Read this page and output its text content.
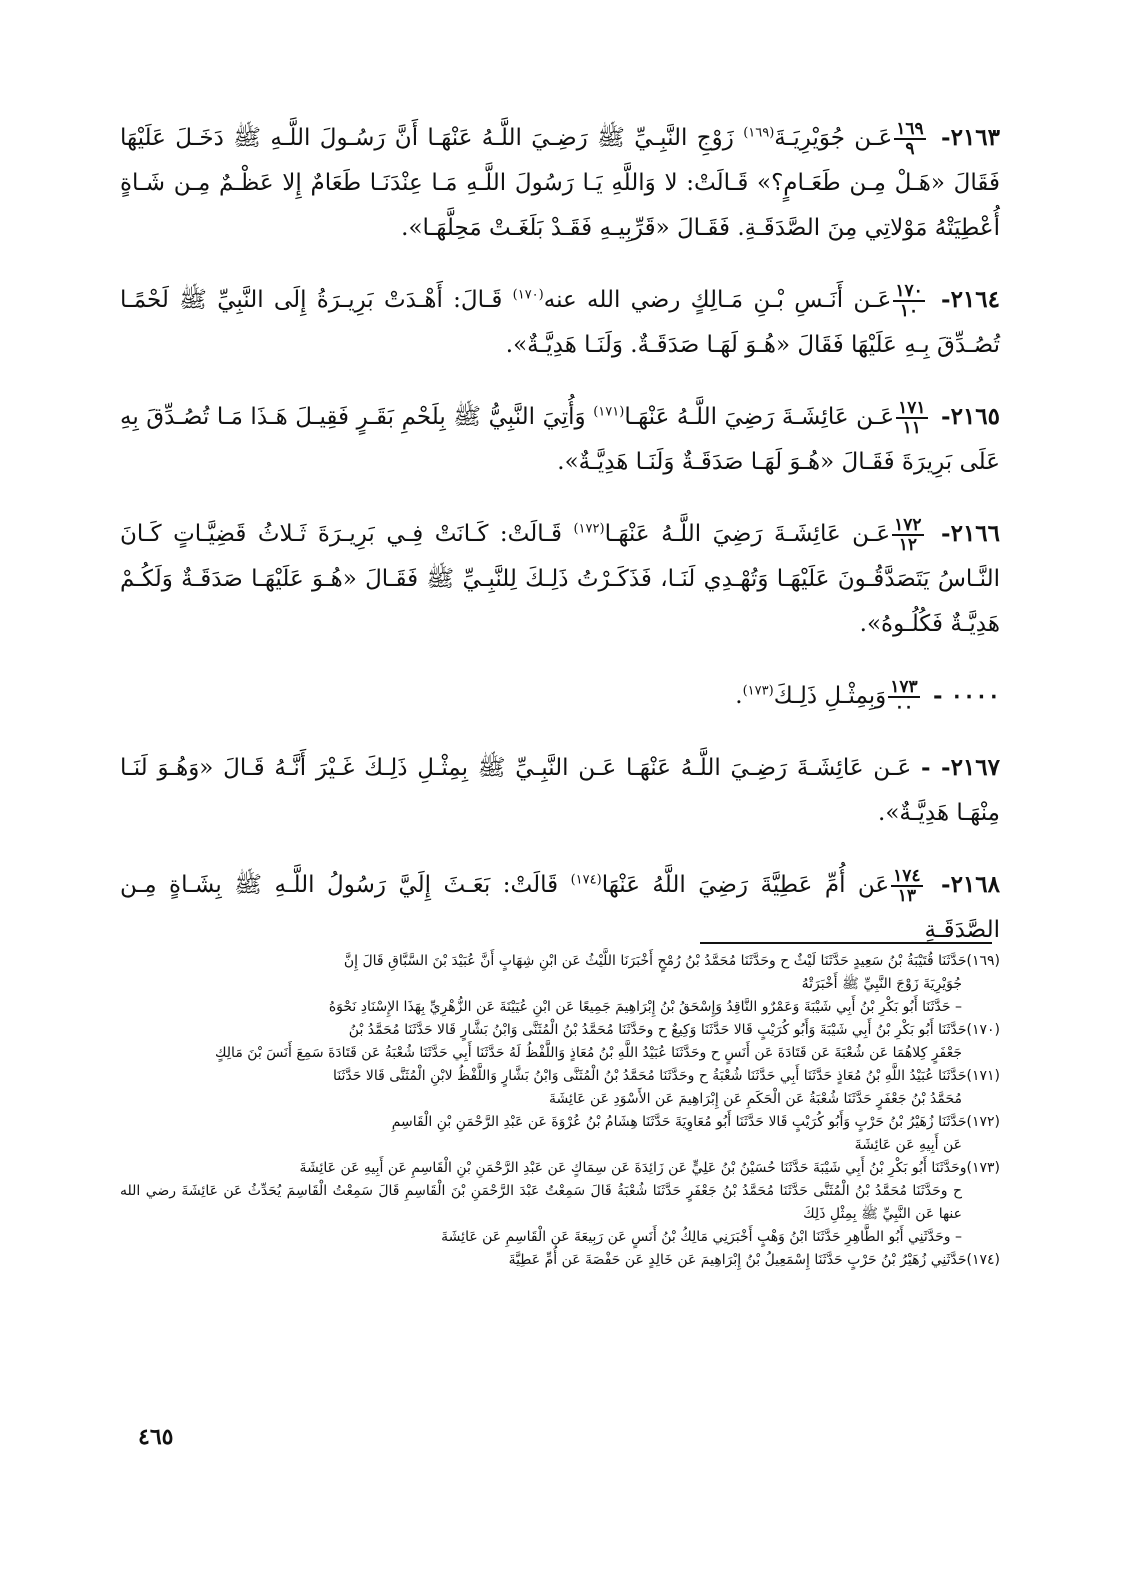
٢١٦٣-
$\frac{١٦٩}{٩}$
عَـن جُوَيْرِيَـةَ$^{(١٦٩)}$ زَوْجِ النَّبِـيِّ ﷺ رَضِـيَ اللَّـهُ عَنْهَـا أَنَّ رَسُـولَ اللَّـهِ ﷺ دَخَـلَ عَلَيْهَا فَقَالَ «هَـلْ مِـن طَعَـامٍ؟» قَـالَتْ: لا وَاللَّهِ يَـا رَسُولَ اللَّـهِ مَـا عِنْدَنَـا طَعَامٌ إِلا عَظْـمٌ مِـن شَـاةٍ أُعْطِيَتْهُ مَوْلاتِي مِنَ الصَّدَقَـةِ. فَقَـالَ «قَرِّبِيـهِ فَقَـدْ بَلَغَـتْ مَحِلَّهَـا».

٢١٦٤-
$\frac{١٧٠}{١٠}$
عَـن أَنَـسِ بْـنِ مَـالِكٍ رضي الله عنه$^{(١٧٠)}$ قَـالَ: أَهْـدَتْ بَرِيـرَةُ إِلَى النَّبِيِّ ﷺ لَحْمًـا تُصُـدِّقَ بِـهِ عَلَيْهَا فَقَالَ «هُـوَ لَهَـا صَدَقَـةٌ. وَلَنَـا هَدِيَّـةٌ».

٢١٦٥-
$\frac{١٧١}{١١}$
عَـن عَائِشَـةَ رَضِيَ اللَّـهُ عَنْهَـا$^{(١٧١)}$ وَأُتِيَ النَّبِيُّ ﷺ بِلَحْمِ بَقَـرٍ فَقِيـلَ هَـذَا مَـا تُصُـدِّقَ بِهِ عَلَى بَرِيرَةَ فَقَـالَ «هُـوَ لَهَـا صَدَقَـةٌ وَلَنَـا هَدِيَّـةٌ».

٢١٦٦-
$\frac{١٧٢}{١٢}$
عَـن عَائِشَـةَ رَضِيَ اللَّـهُ عَنْهَـا$^{(١٧٢)}$ قَـالَتْ: كَـانَتْ فِـي بَرِيـرَةَ ثَـلاثُ قَضِيَّـاتٍ كَـانَ النَّـاسُ يَتَصَدَّقُـونَ عَلَيْهَـا وَتُهْـدِي لَنَـا، فَذَكَـرْتُ ذَلِـكَ لِلنَّبِـيِّ ﷺ فَقَـالَ «هُـوَ عَلَيْهَـا صَدَقَـةٌ وَلَكُـمْ هَدِيَّـةٌ فَكُلُـوهُ».

٠٠٠٠ -
$\frac{١٧٣}{٠٠}$
وَبِمِثْـلِ ذَلِـكَ$^{(١٧٣)}$.

٢١٦٧- - عَـن عَائِشَـةَ رَضِـيَ اللَّـهُ عَنْهَـا عَـن النَّبِـيِّ ﷺ بِمِثْـلِ ذَلِـكَ غَـيْرَ أَنَّـهُ قَـالَ «وَهُـوَ لَنَـا مِنْهَـا هَدِيَّـةٌ».

٢١٦٨-
$\frac{١٧٤}{١٣}$
عَن أُمِّ عَطِيَّةَ رَضِيَ اللَّهُ عَنْهَا$^{(١٧٤)}$ قَالَتْ: بَعَـثَ إِلَيَّ رَسُولُ اللَّـهِ ﷺ بِشَـاةٍ مِـن الصَّدَقَـةِ

(١٦٩)حَدَّثَنَا قُتَيْبَةُ بْنُ سَعِيدٍ حَدَّثَنَا لَيْثٌ ح وحَدَّثَنَا مُحَمَّدُ بْنُ رُمْحٍ أَخْبَرَنَا اللَّيْثُ عَن ابْنِ شِهَابٍ أَنَّ عُبَيْدَ بْنَ السَّبَّاقِ قَالَ إِنَّ
جُوَيْرِيَةَ زَوْجَ النَّبِيِّ ﷺ أَخْبَرَتْهُ

– حَدَّثَنَا أَبُو بَكْرِ بْنُ أَبِي شَيْبَةَ وَعَمْرٌو النَّاقِدُ وَإِسْحَقُ بْنُ إِبْرَاهِيمَ جَمِيعًا عَن ابْنِ عُيَيْنَةَ عَن الزُّهْرِيِّ بِهَذَا الإِسْنَادِ نَحْوَهُ

(١٧٠)حَدَّثَنَا أَبُو بَكْرِ بْنُ أَبِي شَيْبَةَ وَأَبُو كُرَيْبٍ قَالا حَدَّثَنَا وَكِيعٌ ح وحَدَّثَنَا مُحَمَّدُ بْنُ الْمُثَنَّى وَابْنُ بَشَّارٍ قَالا حَدَّثَنَا مُحَمَّدُ بْنُ
جَعْفَرٍ كِلاهُمَا عَن شُعْبَةَ عَن قَتَادَةَ عَن أَنَسٍ ح وحَدَّثَنَا عُبَيْدُ اللَّهِ بْنُ مُعَاذٍ وَاللَّفْظُ لَهُ حَدَّثَنَا أَبِي حَدَّثَنَا شُعْبَةُ عَن قَتَادَةَ سَمِعَ أَنَسَ بْنَ مَالِكٍ

(١٧١)حَدَّثَنَا عُبَيْدُ اللَّهِ بْنُ مُعَاذٍ حَدَّثَنَا أَبِي حَدَّثَنَا شُعْبَةُ ح وحَدَّثَنَا مُحَمَّدُ بْنُ الْمُثَنَّى وَابْنُ بَشَّارٍ وَاللَّفْظُ لابْنِ الْمُثَنَّى قَالا حَدَّثَنَا
مُحَمَّدُ بْنُ جَعْفَرٍ حَدَّثَنَا شُعْبَةُ عَن الْحَكَمِ عَن إِبْرَاهِيمَ عَن الأَسْوَدِ عَن عَائِشَةَ

(١٧٢)حَدَّثَنَا زُهَيْرُ بْنُ حَرْبٍ وَأَبُو كُرَيْبٍ قَالا حَدَّثَنَا أَبُو مُعَاوِيَةَ حَدَّثَنَا هِشَامُ بْنُ عُرْوَةَ عَن عَبْدِ الرَّحْمَنِ بْنِ الْقَاسِمِ
عَن أَبِيهِ عَن عَائِشَةَ

(١٧٣)وحَدَّثَنَا أَبُو بَكْرِ بْنُ أَبِي شَيْبَةَ حَدَّثَنَا حُسَيْنُ بْنُ عَلِيٍّ عَن زَائِدَةَ عَن سِمَاكٍ عَن عَبْدِ الرَّحْمَنِ بْنِ الْقَاسِمِ عَن أَبِيهِ عَن عَائِشَةَ
ح وحَدَّثَنَا مُحَمَّدُ بْنُ الْمُثَنَّى حَدَّثَنَا مُحَمَّدُ بْنُ جَعْفَرٍ حَدَّثَنَا شُعْبَةُ قَالَ سَمِعْتُ عَبْدَ الرَّحْمَنِ بْنَ الْقَاسِمِ قَالَ سَمِعْتُ الْقَاسِمَ يُحَدِّثُ عَن عَائِشَةَ رضي الله عنها عَن النَّبِيِّ ﷺ بِمِثْلِ ذَلِكَ

– وحَدَّثَنِي أَبُو الطَّاهِرِ حَدَّثَنَا ابْنُ وَهْبٍ أَخْبَرَنِي مَالِكُ بْنُ أَنَسٍ عَن رَبِيعَةَ عَن الْقَاسِمِ عَن عَائِشَةَ

(١٧٤)حَدَّثَنِي زُهَيْرُ بْنُ حَرْبٍ حَدَّثَنَا إِسْمَعِيلُ بْنُ إِبْرَاهِيمَ عَن خَالِدٍ عَن حَفْصَةَ عَن أُمِّ عَطِيَّةَ

٤٦٥
